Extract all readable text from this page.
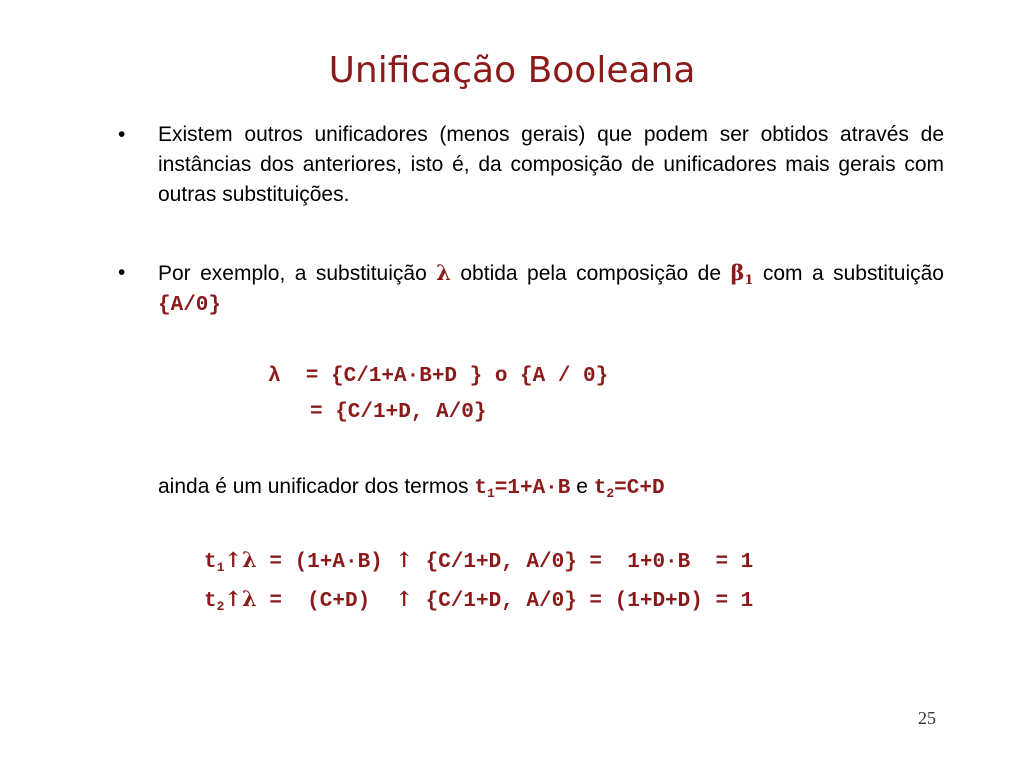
Unificação Booleana
• Existem outros unificadores (menos gerais) que podem ser obtidos através de instâncias dos anteriores, isto é, da composição de unificadores mais gerais com outras substituições.
• Por exemplo, a substituição λ obtida pela composição de $\beta_1$ com a substituição {A/0}
λ  = {C/1+A·B+D } o {A / 0}
= {C/1+D, A/0}
ainda é um unificador dos termos $t_1=1+A\cdot B$ e $t_2=C+D$
$t_1↑\lambda = (1+A\cdot B)$ ↑ {C/1+D, A/0} =  1+0·B  = 1
$t_2↑\lambda = (C+D)$  ↑ {C/1+D, A/0} = (1+D+D) = 1
25
